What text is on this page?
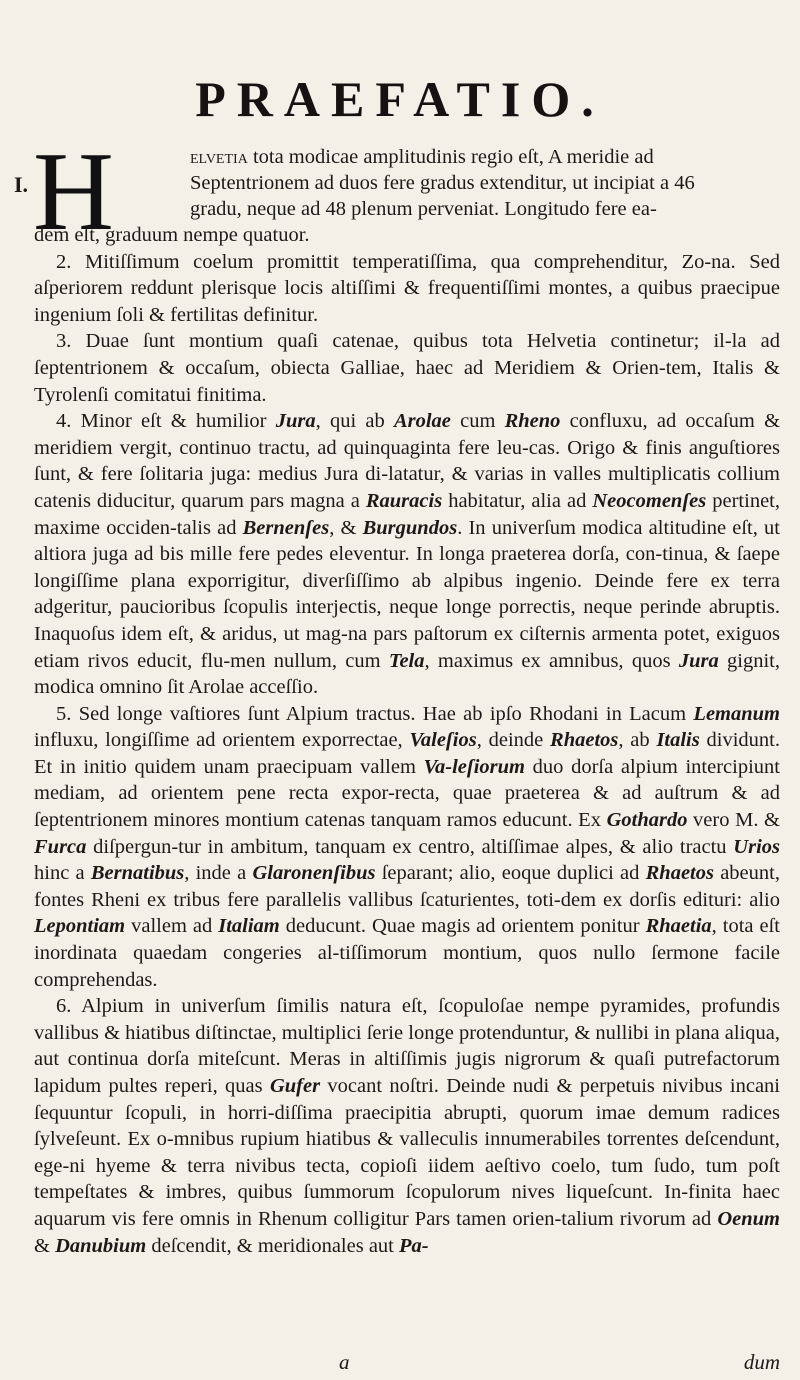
PRAEFATIO.
I. H	elvetia tota modicae amplitudinis regio eſt, A meridie ad
Septentrionem ad duos fere gradus extenditur, ut incipiat a 46
gradu, neque ad 48 plenum perveniat. Longitudo fere ea-

dem eſt, graduum nempe quatuor.

2. Mitiſſimum coelum promittit temperatiſſima, qua comprehenditur, Zo-na. Sed aſperiorem reddunt plerisque locis altiſſimi & frequentiſſimi montes, a quibus praecipue ingenium ſoli & fertilitas definitur.

3. Duae ſunt montium quaſi catenae, quibus tota Helvetia continetur; il-la ad ſeptentrionem & occaſum, obiecta Galliae, haec ad Meridiem & Orien-tem, Italis & Tyrolenſi comitatui finitima.

4. Minor eſt & humilior Jura, qui ab Arolae cum Rheno confluxu, ad occaſum & meridiem vergit, continuo tractu, ad quinquaginta fere leu-cas. Origo & finis anguſtiores ſunt, & fere ſolitaria juga: medius Jura di-latatur, & varias in valles multiplicatis collium catenis diducitur, quarum pars magna a Rauracis habitatur, alia ad Neocomenſes pertinet, maxime occiden-talis ad Bernenſes, & Burgundos. In univerſum modica altitudine eſt, ut altiora juga ad bis mille fere pedes eleventur. In longa praeterea dorſa, con-tinua, & ſaepe longiſſime plana exporrigitur, diverſiſſimo ab alpibus ingenio. Deinde fere ex terra adgeritur, paucioribus ſcopulis interjectis, neque longe porrectis, neque perinde abruptis. Inaquoſus idem eſt, & aridus, ut mag-na pars paſtorum ex ciſternis armenta potet, exiguos etiam rivos educit, flu-men nullum, cum Tela, maximus ex amnibus, quos Jura gignit, modica omnino ſit Arolae acceſſio.

5. Sed longe vaſtiores ſunt Alpium tractus. Hae ab ipſo Rhodani in Lacum Lemanum influxu, longiſſime ad orientem exporrectae, Valeſios, deinde Rhaetos, ab Italis dividunt. Et in initio quidem unam praecipuam vallem Va-leſiorum duo dorſa alpium intercipiunt mediam, ad orientem pene recta expor-recta, quae praeterea & ad auſtrum & ad ſeptentrionem minores montium catenas tanquam ramos educunt. Ex Gothardo vero M. & Furca diſpergun-tur in ambitum, tanquam ex centro, altiſſimae alpes, & alio tractu Urios hinc a Bernatibus, inde a Glaronenſibus ſeparant; alio, eoque duplici ad Rhaetos abeunt, fontes Rheni ex tribus fere parallelis vallibus ſcaturientes, toti-dem ex dorſis edituri: alio Lepontiam vallem ad Italiam deducunt. Quae magis ad orientem ponitur Rhaetia, tota eſt inordinata quaedam congeries al-tiſſimorum montium, quos nullo ſermone facile comprehendas.

6. Alpium in univerſum ſimilis natura eſt, ſcopuloſae nempe pyramides, profundis vallibus & hiatibus diſtinctae, multiplici ſerie longe protenduntur, & nullibi in plana aliqua, aut continua dorſa miteſcunt. Meras in altiſſimis jugis nigrorum & quaſi putrefactorum lapidum pultes reperi, quas Gufer vocant noſtri. Deinde nudi & perpetuis nivibus incani ſequuntur ſcopuli, in horri-diſſima praecipitia abrupti, quorum imae demum radices ſylveſeunt. Ex o-mnibus rupium hiatibus & valleculis innumerabiles torrentes deſcendunt, ege-ni hyeme & terra nivibus tecta, copioſi iidem aeſtivo coelo, tum ſudo, tum poſt tempeſtates & imbres, quibus ſummorum ſcopulorum nives liqueſcunt. In-finita haec aquarum vis fere omnis in Rhenum colligitur Pars tamen orien-talium rivorum ad Oenum & Danubium deſcendit, & meridionales aut Pa-

a	dum
